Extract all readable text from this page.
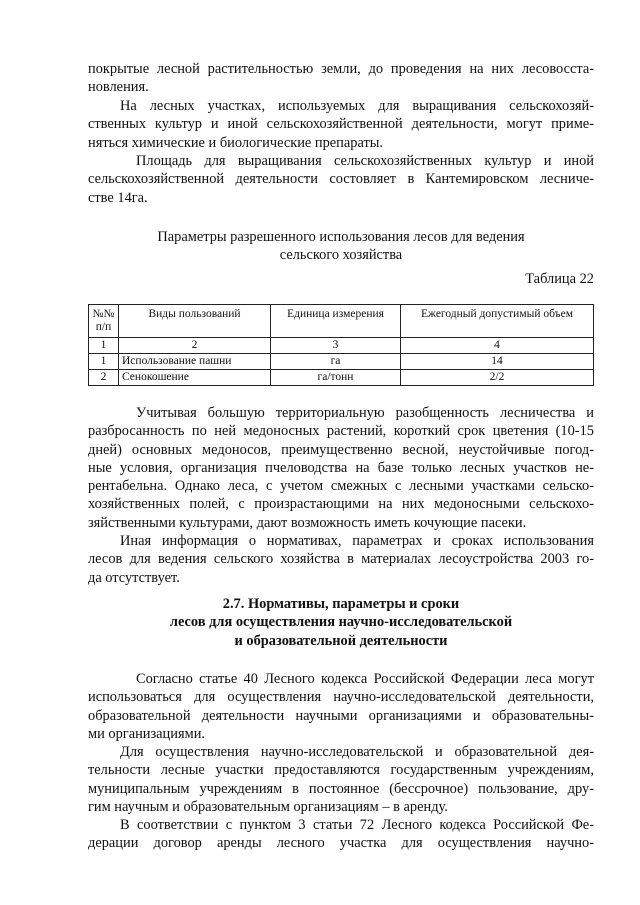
покрытые лесной растительностью земли, до проведения на них лесовосста-
новления.
На лесных участках, используемых для выращивания сельскохозяй-
ственных культур и иной сельскохозяйственной деятельности, могут приме-
няться химические и биологические препараты.
Площадь для выращивания сельскохозяйственных культур и иной
сельскохозяйственной деятельности состовляет в Кантемировском лесниче-
стве 14га.
Параметры разрешенного использования лесов для ведения
сельского хозяйства
Таблица 22
№№ п/п	Виды пользований	Единица измерения	Ежегодный допустимый объем
1	2	3	4
1	Использование пашни	га	14
2	Сенокошение	га/тонн	2/2
Учитывая большую территориальную разобщенность лесничества и
разбросанность по ней медоносных растений, короткий срок цветения (10-15
дней) основных медоносов, преимущественно весной, неустойчивые погод-
ные условия, организация пчеловодства на базе только лесных участков не-
рентабельна. Однако леса, с учетом смежных с лесными участками сельско-
хозяйственных полей, с произрастающими на них медоносными сельскохо-
зяйственными культурами, дают возможность иметь кочующие пасеки.
Иная информация о нормативах, параметрах и сроках использования
лесов для ведения сельского хозяйства в материалах лесоустройства 2003 го-
да отсутствует.
2.7. Нормативы, параметры и сроки
лесов для осуществления научно-исследовательской
и образовательной деятельности
Согласно статье 40 Лесного кодекса Российской Федерации леса могут
использоваться для осуществления научно-исследовательской деятельности,
образовательной деятельности научными организациями и образовательны-
ми организациями.
Для осуществления научно-исследовательской и образовательной дея-
тельности лесные участки предоставляются государственным учреждениям,
муниципальным учреждениям в постоянное (бессрочное) пользование, дру-
гим научным и образовательным организациям – в аренду.
В соответствии с пунктом 3 статьи 72 Лесного кодекса Российской Фе-
дерации договор аренды лесного участка для осуществления научно-
